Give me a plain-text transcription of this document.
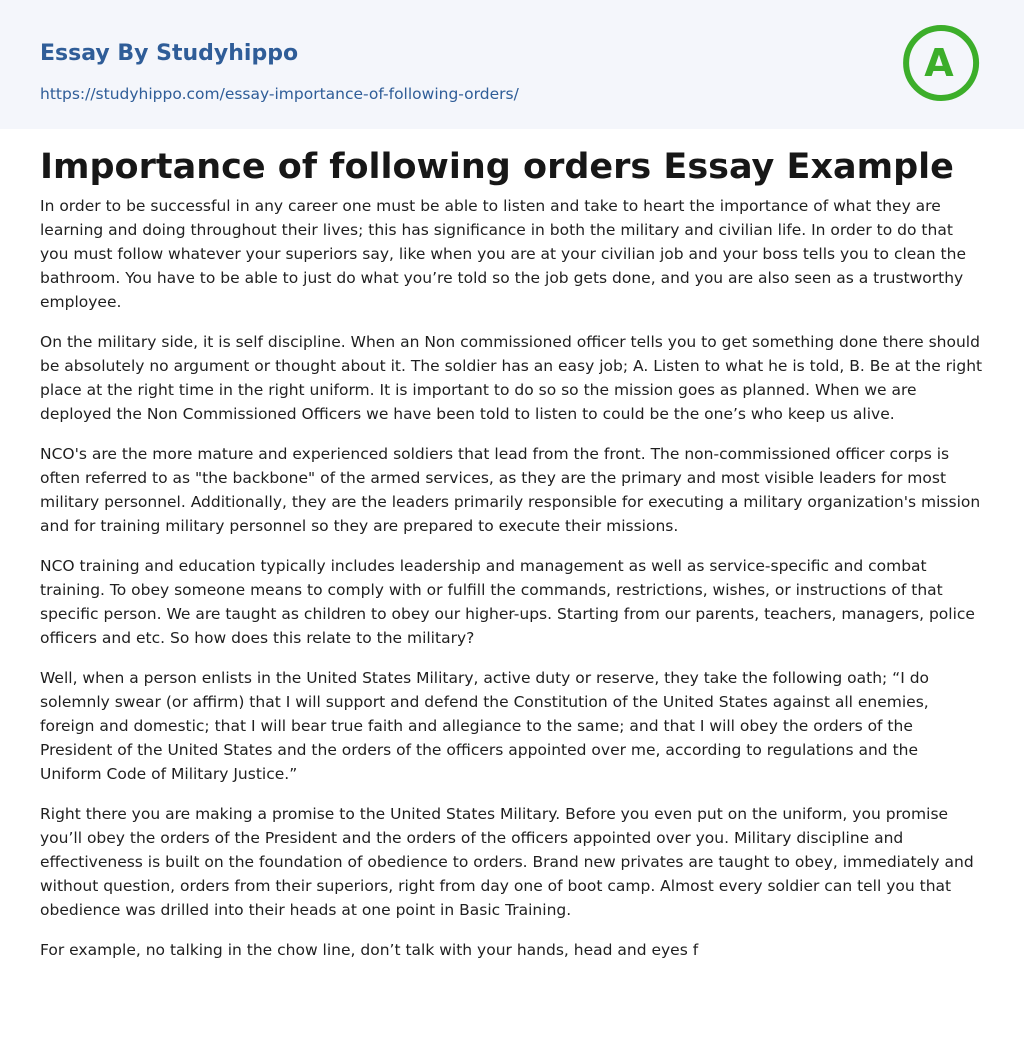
Essay By Studyhippo
https://studyhippo.com/essay-importance-of-following-orders/
A
Importance of following orders Essay Example

In order to be successful in any career one must be able to listen and take to heart the importance of what they are learning and doing throughout their lives; this has significance in both the military and civilian life. In order to do that you must follow whatever your superiors say, like when you are at your civilian job and your boss tells you to clean the bathroom. You have to be able to just do what you’re told so the job gets done, and you are also seen as a trustworthy employee.

On the military side, it is self discipline. When an Non commissioned officer tells you to get something done there should be absolutely no argument or thought about it. The soldier has an easy job; A. Listen to what he is told, B. Be at the right place at the right time in the right uniform. It is important to do so so the mission goes as planned. When we are deployed the Non Commissioned Officers we have been told to listen to could be the one’s who keep us alive.

NCO's are the more mature and experienced soldiers that lead from the front. The non-commissioned officer corps is often referred to as "the backbone" of the armed services, as they are the primary and most visible leaders for most military personnel. Additionally, they are the leaders primarily responsible for executing a military organization's mission and for training military personnel so they are prepared to execute their missions.

NCO training and education typically includes leadership and management as well as service-specific and combat training. To obey someone means to comply with or fulfill the commands, restrictions, wishes, or instructions of that specific person. We are taught as children to obey our higher-ups. Starting from our parents, teachers, managers, police officers and etc. So how does this relate to the military?

Well, when a person enlists in the United States Military, active duty or reserve, they take the following oath; “I do solemnly swear (or affirm) that I will support and defend the Constitution of the United States against all enemies, foreign and domestic; that I will bear true faith and allegiance to the same; and that I will obey the orders of the President of the United States and the orders of the officers appointed over me, according to regulations and the Uniform Code of Military Justice.”

Right there you are making a promise to the United States Military. Before you even put on the uniform, you promise you’ll obey the orders of the President and the orders of the officers appointed over you. Military discipline and effectiveness is built on the foundation of obedience to orders. Brand new privates are taught to obey, immediately and without question, orders from their superiors, right from day one of boot camp. Almost every soldier can tell you that obedience was drilled into their heads at one point in Basic Training.

For example, no talking in the chow line, don’t talk with your hands, head and eyes f
